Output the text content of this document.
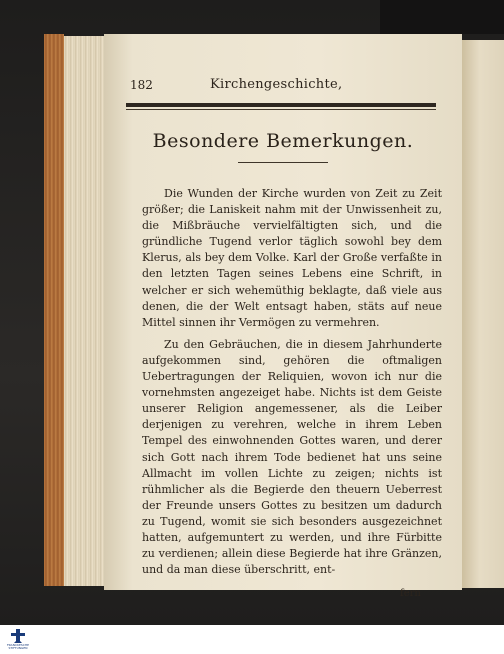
182	Kirchengeschichte,
Besondere Bemerkungen.

Die Wunden der Kirche wurden von Zeit zu Zeit größer; die Laniskeit nahm mit der Unwissenheit zu, die Mißbräuche vervielfältigten sich, und die gründliche Tugend verlor täglich sowohl bey dem Klerus, als bey dem Volke. Karl der Große verfaßte in den letzten Tagen seines Lebens eine Schrift, in welcher er sich wehemüthig beklagte, daß viele aus denen, die der Welt entsagt haben, stäts auf neue Mittel sinnen ihr Vermögen zu vermehren.

Zu den Gebräuchen, die in diesem Jahrhunderte aufgekommen sind, gehören die oftmaligen Uebertragungen der Reliquien, wovon ich nur die vornehmsten angezeiget habe. Nichts ist dem Geiste unserer Religion angemessener, als die Leiber derjenigen zu verehren, welche in ihrem Leben Tempel des einwohnenden Gottes waren, und derer sich Gott nach ihrem Tode bedienet hat uns seine Allmacht im vollen Lichte zu zeigen; nichts ist rühmlicher als die Begierde den theuern Ueberrest der Freunde unsers Gottes zu besitzen um dadurch zu Tugend, womit sie sich besonders ausgezeichnet hatten, aufgemuntert zu werden, und ihre Fürbitte zu verdienen; allein diese Begierde hat ihre Gränzen, und da man diese überschritt, ent-

fern
FRANCKESCHE STIFTUNGEN
